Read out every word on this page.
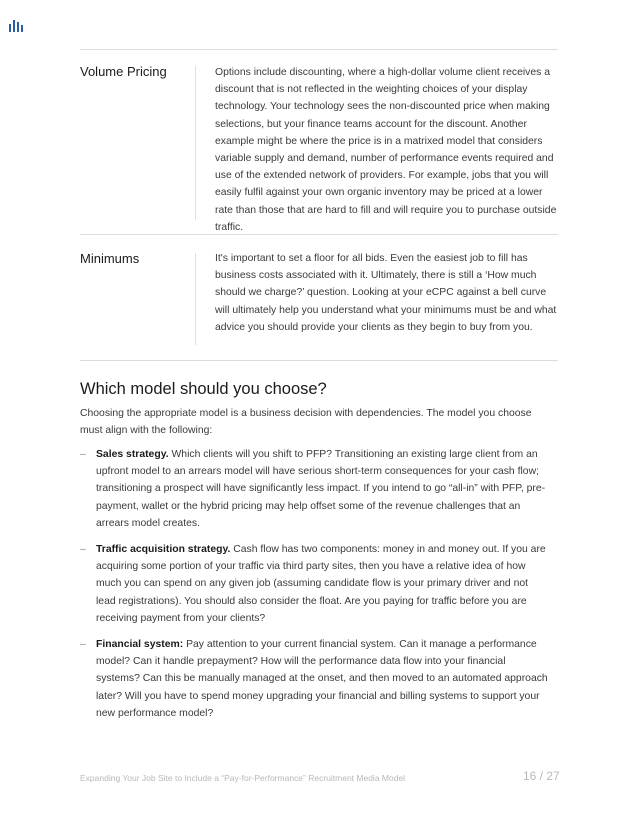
Volume Pricing	Options include discounting, where a high-dollar volume client receives a discount that is not reflected in the weighting choices of your display technology. Your technology sees the non-discounted price when making selections, but your finance teams account for the discount. Another example might be where the price is in a matrixed model that considers variable supply and demand, number of performance events required and use of the extended network of providers. For example, jobs that you will easily fulfil against your own organic inventory may be priced at a lower rate than those that are hard to fill and will require you to purchase outside traffic.

Minimums	It's important to set a floor for all bids. Even the easiest job to fill has business costs associated with it. Ultimately, there is still a ‘How much should we charge?’ question. Looking at your eCPC against a bell curve will ultimately help you understand what your minimums must be and what advice you should provide your clients as they begin to buy from you.

Which model should you choose?

Choosing the appropriate model is a business decision with dependencies. The model you choose must align with the following:

– Sales strategy. Which clients will you shift to PFP? Transitioning an existing large client from an upfront model to an arrears model will have serious short-term consequences for your cash flow; transitioning a prospect will have significantly less impact. If you intend to go “all-in” with PFP, pre-payment, wallet or the hybrid pricing may help offset some of the revenue challenges that an arrears model creates.
– Traffic acquisition strategy. Cash flow has two components: money in and money out. If you are acquiring some portion of your traffic via third party sites, then you have a relative idea of how much you can spend on any given job (assuming candidate flow is your primary driver and not lead registrations). You should also consider the float. Are you paying for traffic before you are receiving payment from your clients?
– Financial system: Pay attention to your current financial system. Can it manage a performance model? Can it handle prepayment? How will the performance data flow into your financial systems? Can this be manually managed at the onset, and then moved to an automated approach later? Will you have to spend money upgrading your financial and billing systems to support your new performance model?
Expanding Your Job Site to Include a “Pay-for-Performance” Recruitment Media Model	16 / 27
